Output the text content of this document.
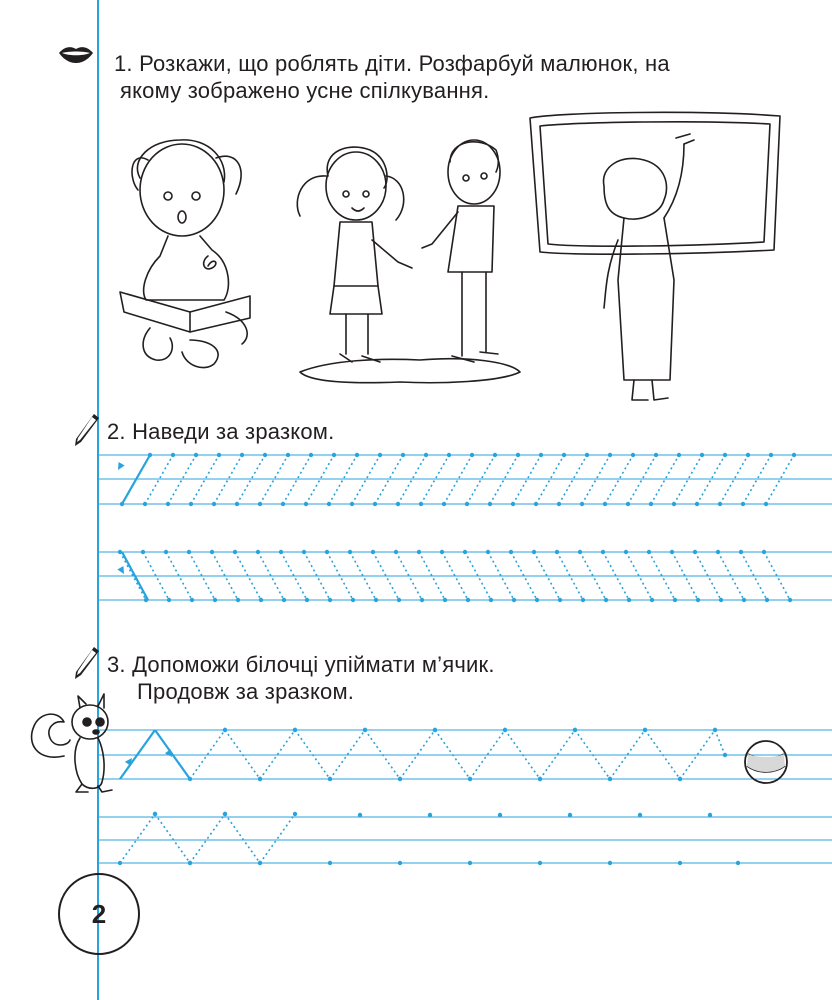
1. Розкажи, що роблять діти. Розфарбуй малюнок, на
якому зображено усне спілкування.
2. Наведи за зразком.
3. Допоможи білочці упіймати м’ячик.
Продовж за зразком.
2
